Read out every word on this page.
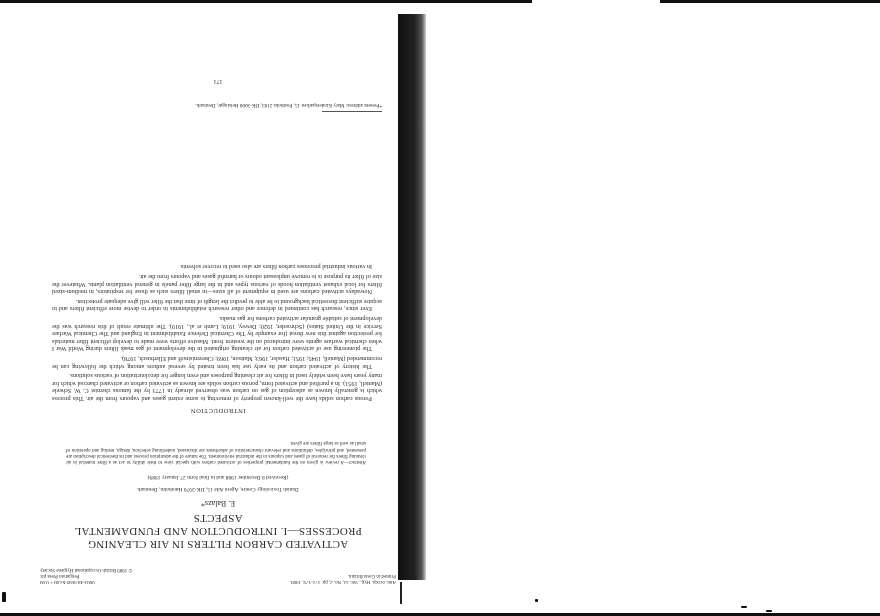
Ann. occup. Hyg., Vol. 33, No. 2, pp. 171-179, 1989.
Printed in Great Britain.
0003-4878/89 $3.00 + 0.00
Pergamon Press plc
© 1989 British Occupational Hygiene Society
ACTIVATED CARBON FILTERS IN AIR CLEANING PROCESSES—I. INTRODUCTION AND FUNDAMENTAL ASPECTS
E. Balazs*
Danish Toxicology Centre, Agern Allé 15, DK-2970 Hørsholm, Denmark
(Received 8 December 1988 and in final form 27 January 1989)
Abstract—A review is given on the fundamental properties of activated carbon with special view to their ability to act as a filter material in air cleaning filters for removal of gases and vapours in the industrial environment. The nature of the adsorption process and its theoretical description are presented, and principles, definitions and relevant characteristics of adsorbents are discussed, underlining selection, design, testing and operation of small as well as large filters are given.
INTRODUCTION

Porous carbon solids have the well-known property of removing to some extent gases and vapours from the air. This process which is generally known as adsorption of gas on carbon was observed already in 1773 by the famous chemist C. W. Scheele (Mantell, 1951). In a purified and activated form, porous carbon solids are known as activated carbon or activated charcoal which for many years have been widely used in filters for air cleaning purposes and even longer for decolourization of various solutions.

The history of activated carbon and its early use has been treated by several authors among which the following can be recommended (Mantell, 1945; 1951; Hassler, 1963; Mattson, 1969; Cheremisinoff and Ellerbusch, 1978).

The pioneering use of activated carbon for air cleaning originated in the development of gas mask filters during World War I when chemical warfare agents were introduced on the western front. Massive efforts were made to develop efficient filter materials for protection against this new threat (for example by The Chemical Defence Establishment in England and The Chemical Warfare Service in the United States) (Schroeder, 1920; Dewey, 1919; Lamb et al., 1919). The ultimate result of this research was the development of suitable granular activated carbons for gas masks.

Ever since, research has continued in defence and other research establishments in order to devise more efficient filters and to acquire sufficient theoretical background to be able to predict the length of time that the filter will give adequate protection.

Nowadays activated carbons are used in equipment of all sizes—in small filters such as those for respirators, in medium-sized filters for local exhaust ventilation hoods of various types and in the large filter panels in general ventilation plants. Whatever the size of filter its purpose is to remove unpleasant odours or harmful gases and vapours from the air.

In various industrial processes carbon filters are also used to recover solvents

*Present address: Mary Kindersparken 15, Postboks 2183, DK-3000 Helsingør, Denmark.
171
